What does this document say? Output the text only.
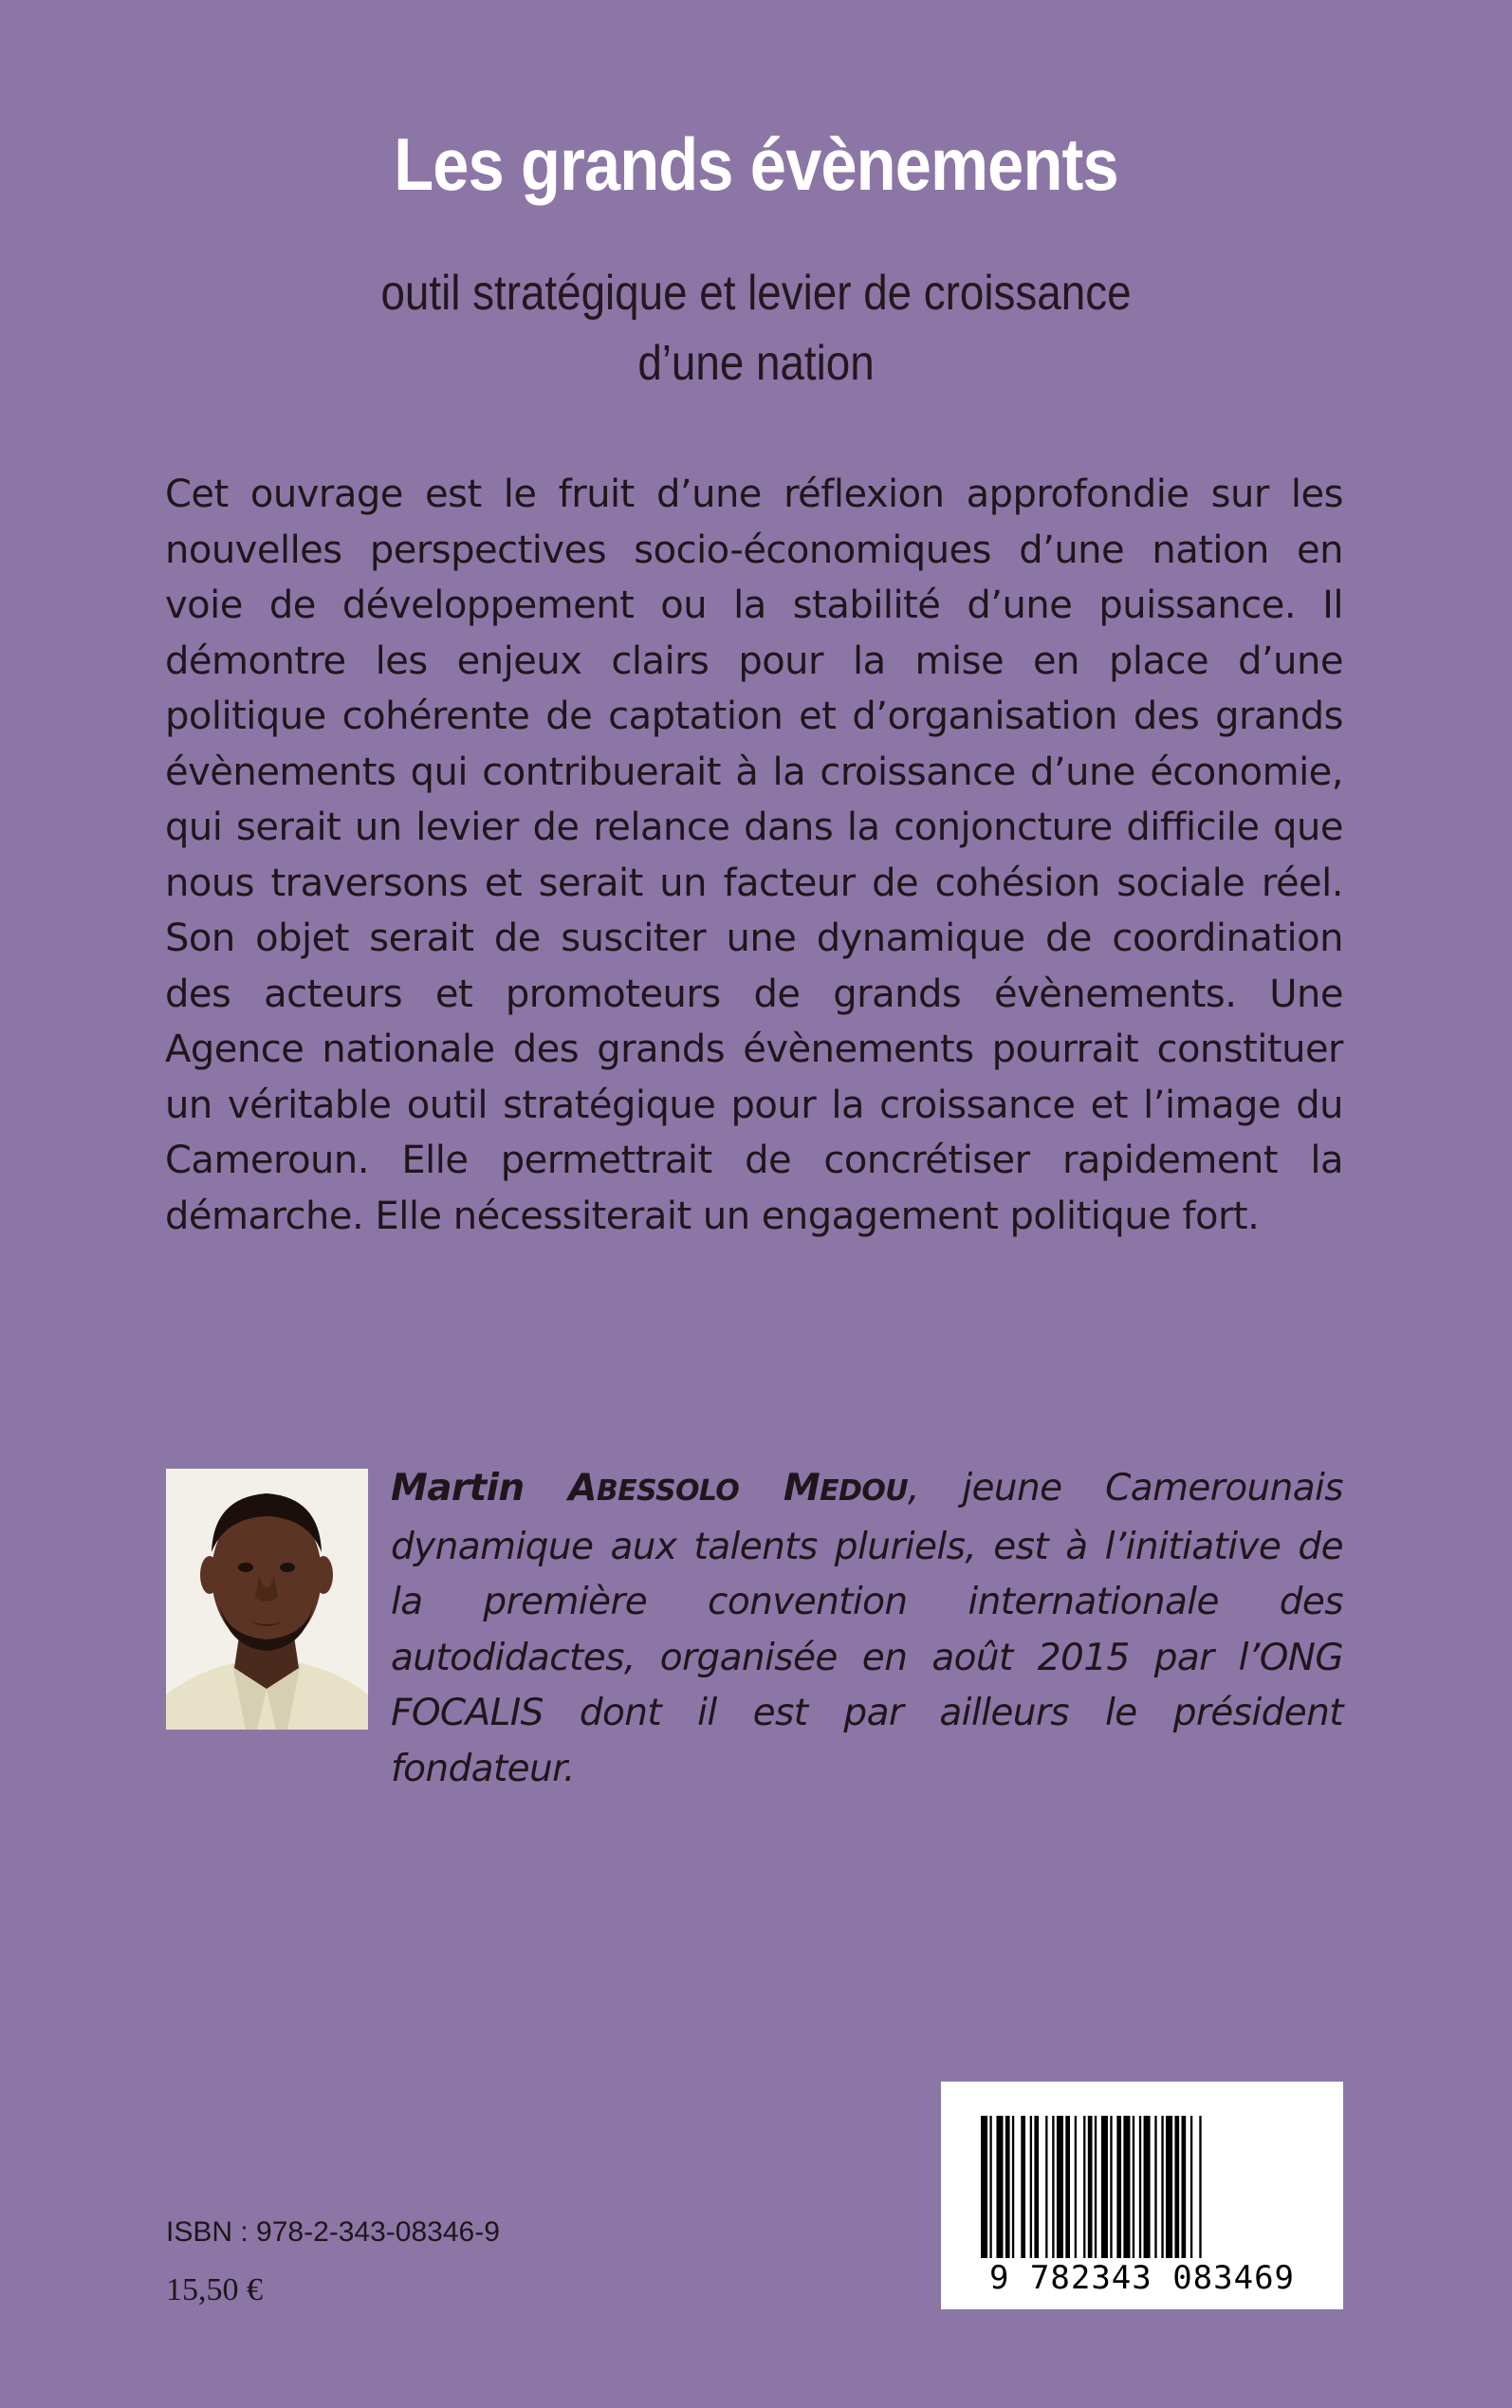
Les grands évènements
outil stratégique et levier de croissance
d’une nation

Cet ouvrage est le fruit d’une réflexion approfondie sur les nouvelles perspectives socio-économiques d’une nation en voie de développement ou la stabilité d’une puissance. Il démontre les enjeux clairs pour la mise en place d’une politique cohérente de captation et d’organisation des grands évènements qui contribuerait à la croissance d’une économie, qui serait un levier de relance dans la conjoncture difficile que nous traversons et serait un facteur de cohésion sociale réel. Son objet serait de susciter une dynamique de coordination des acteurs et promoteurs de grands évènements. Une Agence nationale des grands évènements pourrait constituer un véritable outil stratégique pour la croissance et l’image du Cameroun. Elle permettrait de concrétiser rapidement la démarche. Elle nécessiterait un engagement politique fort.

Martin ABESSOLO MEDOU, jeune Camerounais dynamique aux talents pluriels, est à l’initiative de la première convention internationale des autodidactes, organisée en août 2015 par l’ONG FOCALIS dont il est par ailleurs le président fondateur.

ISBN : 978-2-343-08346-9
15,50 €	9 782343 083469
